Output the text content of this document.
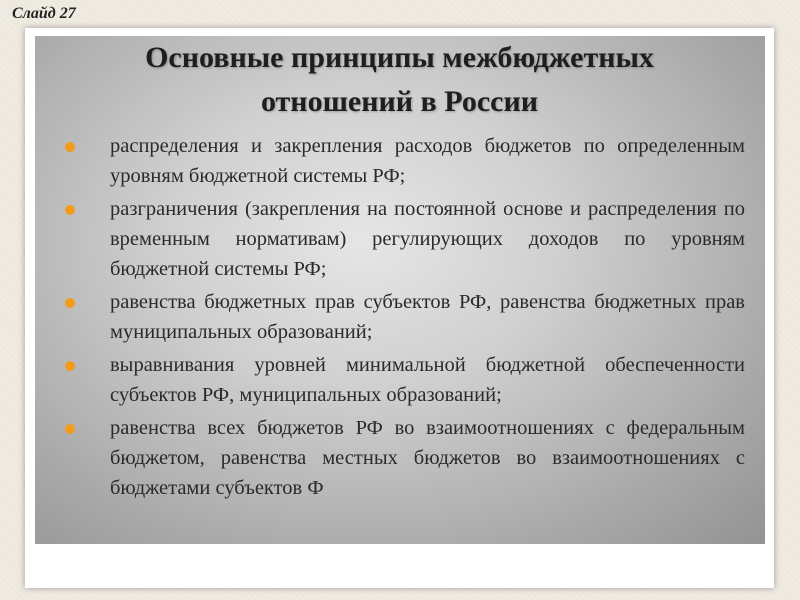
Слайд 27
Основные принципы межбюджетных
отношений в России
распределения и закрепления расходов бюджетов по определенным уровням бюджетной системы РФ;
разграничения (закрепления на постоянной основе и распределения по временным нормативам) регулирующих доходов по уровням бюджетной системы РФ;
равенства бюджетных прав субъектов РФ, равенства бюджетных прав муниципальных образований;
выравнивания уровней минимальной бюджетной обеспеченности субъектов РФ, муниципальных образований;
равенства всех бюджетов РФ во взаимоотношениях с федеральным бюджетом, равенства местных бюджетов во взаимоотношениях с бюджетами субъектов Ф
